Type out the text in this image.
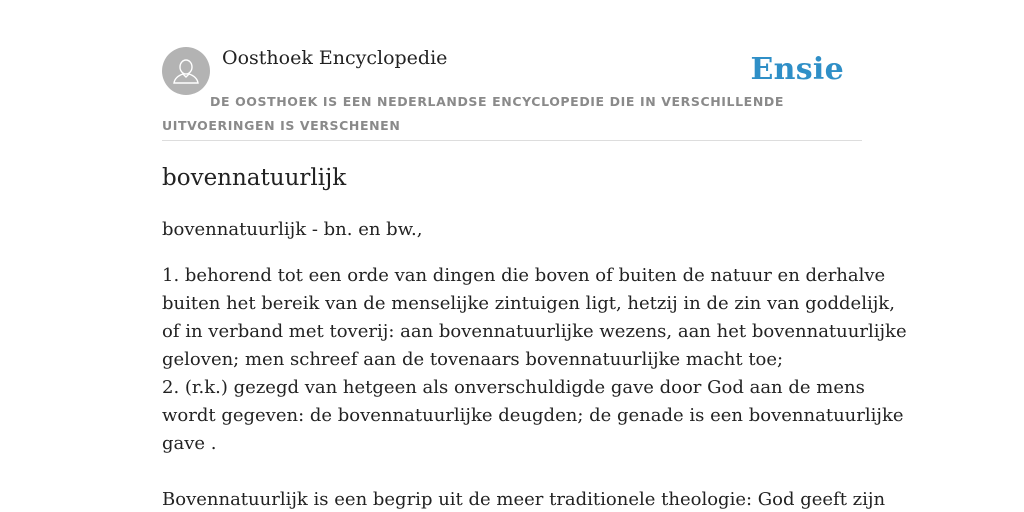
Oosthoek Encyclopedie	Ensie
DE OOSTHOEK IS EEN NEDERLANDSE ENCYCLOPEDIE DIE IN VERSCHILLENDE UITVOERINGEN IS VERSCHENEN
bovennatuurlijk

bovennatuurlijk - bn. en bw.,

1. behorend tot een orde van dingen die boven of buiten de natuur en derhalve

buiten het bereik van de menselijke zintuigen ligt, hetzij in de zin van goddelijk,

of in verband met toverij: aan bovennatuurlijke wezens, aan het bovennatuurlijke

geloven; men schreef aan de tovenaars bovennatuurlijke macht toe;

2. (r.k.) gezegd van hetgeen als onverschuldigde gave door God aan de mens

wordt gegeven: de bovennatuurlijke deugden; de genade is een bovennatuurlijke

gave .

Bovennatuurlijk is een begrip uit de meer traditionele theologie: God geeft zijn
